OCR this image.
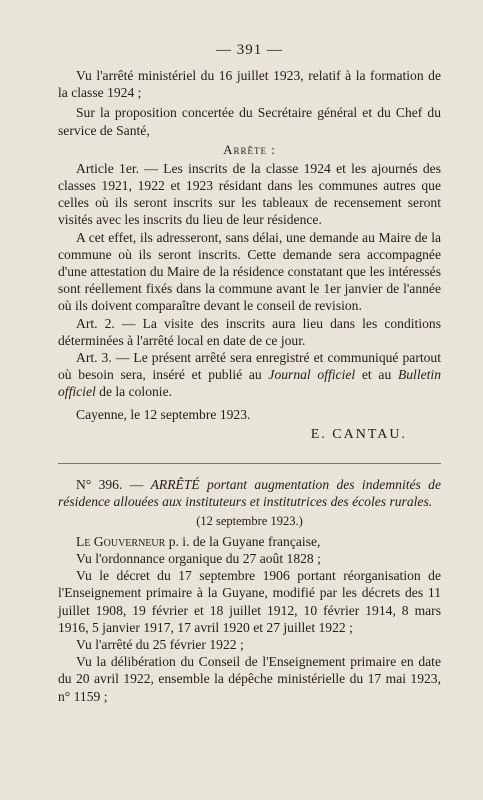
— 391 —

Vu l'arrêté ministériel du 16 juillet 1923, relatif à la formation de la classe 1924 ;

Sur la proposition concertée du Secrétaire général et du Chef du service de Santé,

Arrête :

Article 1er. — Les inscrits de la classe 1924 et les ajournés des classes 1921, 1922 et 1923 résidant dans les communes autres que celles où ils seront inscrits sur les tableaux de recensement seront visités avec les inscrits du lieu de leur résidence.

A cet effet, ils adresseront, sans délai, une demande au Maire de la commune où ils seront inscrits. Cette demande sera accompagnée d'une attestation du Maire de la résidence constatant que les intéressés sont réellement fixés dans la commune avant le 1er janvier de l'année où ils doivent comparaître devant le conseil de revision.

Art. 2. — La visite des inscrits aura lieu dans les conditions déterminées à l'arrêté local en date de ce jour.

Art. 3. — Le présent arrêté sera enregistré et communiqué partout où besoin sera, inséré et publié au Journal officiel et au Bulletin officiel de la colonie.

Cayenne, le 12 septembre 1923.

E. CANTAU.

N° 396. — ARRÊTÉ portant augmentation des indemnités de résidence allouées aux instituteurs et institutrices des écoles rurales.

(12 septembre 1923.)

Le Gouverneur p. i. de la Guyane française,

Vu l'ordonnance organique du 27 août 1828 ;

Vu le décret du 17 septembre 1906 portant réorganisation de l'Enseignement primaire à la Guyane, modifié par les décrets des 11 juillet 1908, 19 février et 18 juillet 1912, 10 février 1914, 8 mars 1916, 5 janvier 1917, 17 avril 1920 et 27 juillet 1922 ;

Vu l'arrêté du 25 février 1922 ;

Vu la délibération du Conseil de l'Enseignement primaire en date du 20 avril 1922, ensemble la dépêche ministérielle du 17 mai 1923, n° 1159 ;
